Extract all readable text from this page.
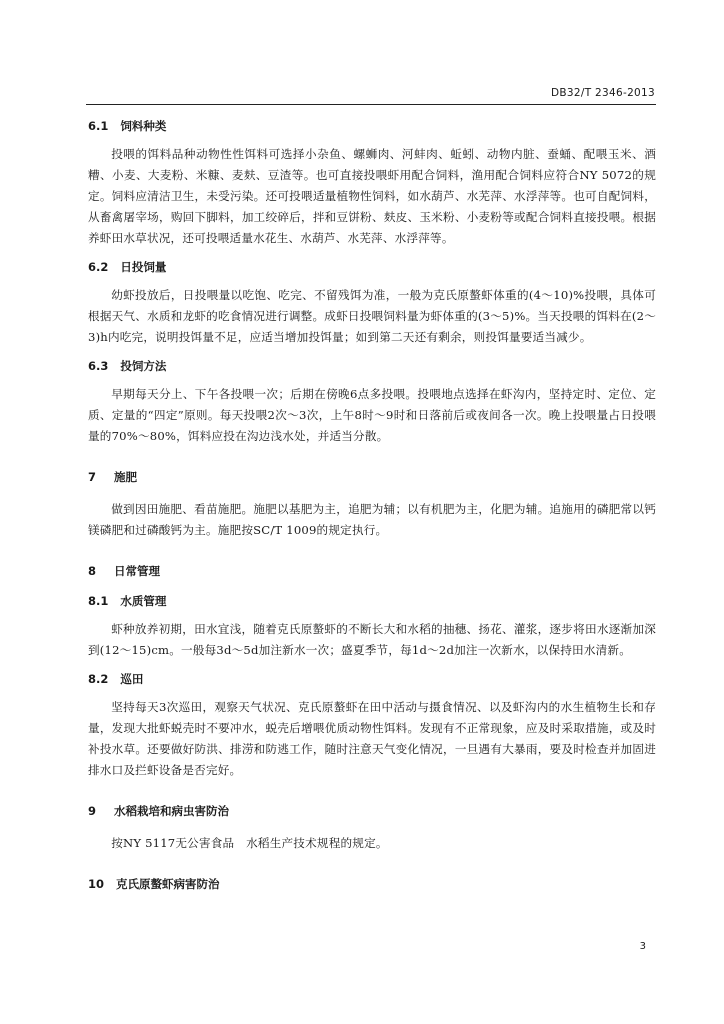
DB32/T 2346-2013
6.1 饲料种类

投喂的饵料品种动物性性饵料可选择小杂鱼、螺蛳肉、河蚌肉、蚯蚓、动物内脏、蚕蛹、配喂玉米、酒糟、小麦、大麦粉、米糠、麦麸、豆渣等。也可直接投喂虾用配合饲料，渔用配合饲料应符合NY 5072的规定。饲料应清洁卫生，未受污染。还可投喂适量植物性饲料，如水葫芦、水芜萍、水浮萍等。也可自配饲料，从畜禽屠宰场，购回下脚料，加工绞碎后，拌和豆饼粉、麸皮、玉米粉、小麦粉等或配合饲料直接投喂。根据养虾田水草状况，还可投喂适量水花生、水葫芦、水芜萍、水浮萍等。

6.2 日投饲量

幼虾投放后，日投喂量以吃饱、吃完、不留残饵为准，一般为克氏原螯虾体重的(4～10)%投喂，具体可根据天气、水质和龙虾的吃食情况进行调整。成虾日投喂饲料量为虾体重的(3～5)%。当天投喂的饵料在(2～3)h内吃完，说明投饵量不足，应适当增加投饵量；如到第二天还有剩余，则投饵量要适当减少。

6.3 投饲方法

早期每天分上、下午各投喂一次；后期在傍晚6点多投喂。投喂地点选择在虾沟内，坚持定时、定位、定质、定量的“四定”原则。每天投喂2次～3次，上午8时～9时和日落前后或夜间各一次。晚上投喂量占日投喂量的70%～80%，饵料应投在沟边浅水处，并适当分散。

7	施肥

做到因田施肥、看苗施肥。施肥以基肥为主，追肥为辅；以有机肥为主，化肥为辅。追施用的磷肥常以钙镁磷肥和过磷酸钙为主。施肥按SC/T 1009的规定执行。

8	日常管理
8.1 水质管理

虾种放养初期，田水宜浅，随着克氏原螯虾的不断长大和水稻的抽穗、扬花、灌浆，逐步将田水逐渐加深到(12～15)cm。一般每3d～5d加注新水一次；盛夏季节，每1d～2d加注一次新水，以保持田水清新。

8.2 巡田

坚持每天3次巡田，观察天气状况、克氏原螯虾在田中活动与摄食情况、以及虾沟内的水生植物生长和存量，发现大批虾蜕壳时不要冲水，蜕壳后增喂优质动物性饵料。发现有不正常现象，应及时采取措施，或及时补投水草。还要做好防洪、排涝和防逃工作，随时注意天气变化情况，一旦遇有大暴雨，要及时检查并加固进排水口及拦虾设备是否完好。

9	水稻栽培和病虫害防治

按NY 5117无公害食品　水稻生产技术规程的规定。

10 克氏原螯虾病害防治
3
